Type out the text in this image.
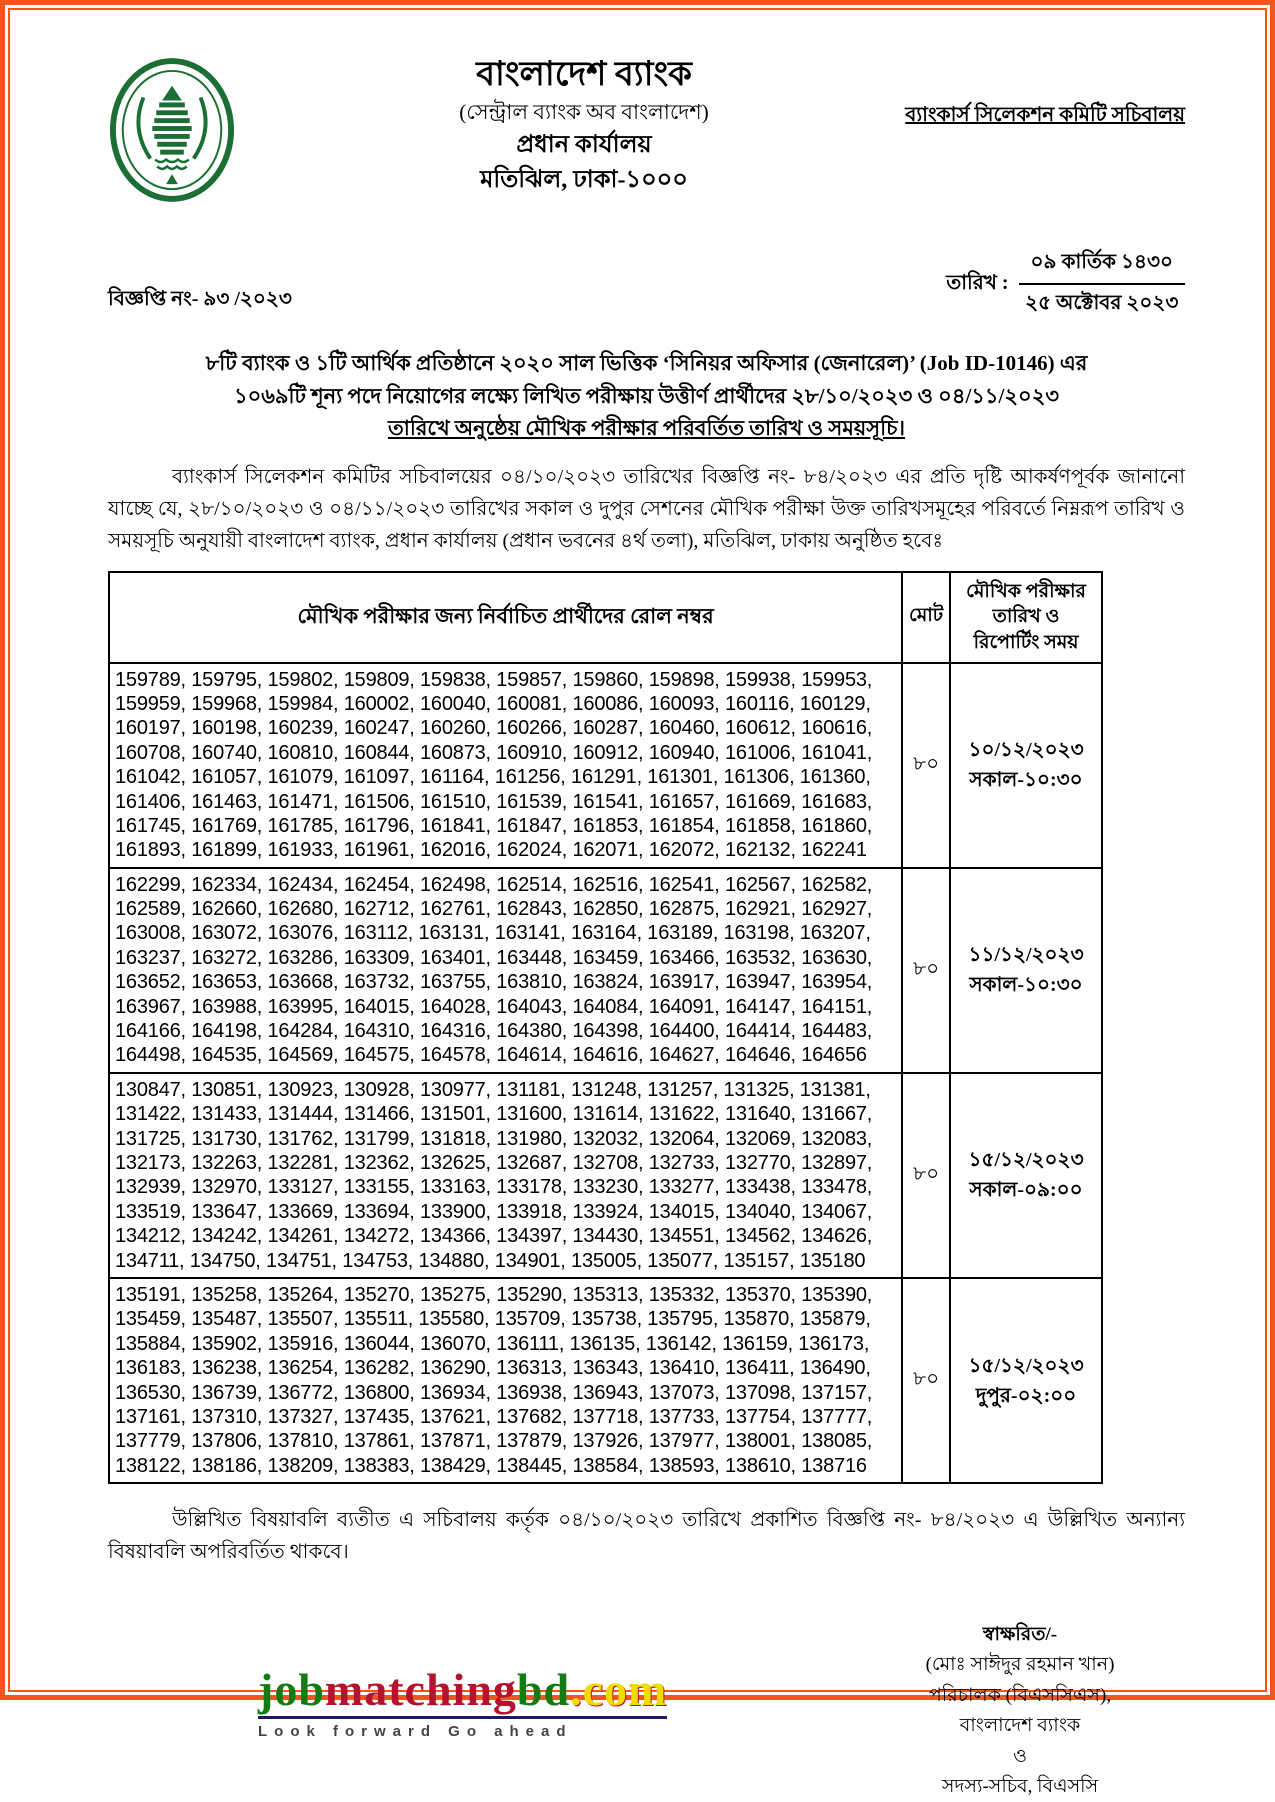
বাংলাদেশ ব্যাংক
(সেন্ট্রাল ব্যাংক অব বাংলাদেশ)
প্রধান কার্যালয়
মতিঝিল, ঢাকা-১০০০
ব্যাংকার্স সিলেকশন কমিটি সচিবালয়
বিজ্ঞপ্তি নং- ৯৩ /২০২৩
তারিখ : $\frac{\text{০৯ কার্তিক ১৪৩০}}{\text{২৫ অক্টোবর ২০২৩}}$
৮টি ব্যাংক ও ১টি আর্থিক প্রতিষ্ঠানে ২০২০ সাল ভিত্তিক ‘সিনিয়র অফিসার (জেনারেল)’ (Job ID-10146) এর
১০৬৯টি শূন্য পদে নিয়োগের লক্ষ্যে লিখিত পরীক্ষায় উত্তীর্ণ প্রার্থীদের ২৮/১০/২০২৩ ও ০৪/১১/২০২৩
তারিখে অনুষ্ঠেয় মৌখিক পরীক্ষার পরিবর্তিত তারিখ ও সময়সূচি।

ব্যাংকার্স সিলেকশন কমিটির সচিবালয়ের ০৪/১০/২০২৩ তারিখের বিজ্ঞপ্তি নং- ৮৪/২০২৩ এর প্রতি দৃষ্টি আকর্ষণপূর্বক জানানো যাচ্ছে যে, ২৮/১০/২০২৩ ও ০৪/১১/২০২৩ তারিখের সকাল ও দুপুর সেশনের মৌখিক পরীক্ষা উক্ত তারিখসমূহের পরিবর্তে নিম্নরূপ তারিখ ও সময়সূচি অনুযায়ী বাংলাদেশ ব্যাংক, প্রধান কার্যালয় (প্রধান ভবনের ৪র্থ তলা), মতিঝিল, ঢাকায় অনুষ্ঠিত হবেঃ

মৌখিক পরীক্ষার জন্য নির্বাচিত প্রার্থীদের রোল নম্বর	মোট	মৌখিক পরীক্ষার তারিখ ও রিপোর্টিং সময়
159789, 159795, 159802, 159809, 159838, 159857, 159860, 159898, 159938, 159953, 159959, 159968, 159984, 160002, 160040, 160081, 160086, 160093, 160116, 160129, 160197, 160198, 160239, 160247, 160260, 160266, 160287, 160460, 160612, 160616, 160708, 160740, 160810, 160844, 160873, 160910, 160912, 160940, 161006, 161041, 161042, 161057, 161079, 161097, 161164, 161256, 161291, 161301, 161306, 161360, 161406, 161463, 161471, 161506, 161510, 161539, 161541, 161657, 161669, 161683, 161745, 161769, 161785, 161796, 161841, 161847, 161853, 161854, 161858, 161860, 161893, 161899, 161933, 161961, 162016, 162024, 162071, 162072, 162132, 162241	৮০	১০/১২/২০২৩
সকাল-১০:৩০

162299, 162334, 162434, 162454, 162498, 162514, 162516, 162541, 162567, 162582, 162589, 162660, 162680, 162712, 162761, 162843, 162850, 162875, 162921, 162927, 163008, 163072, 163076, 163112, 163131, 163141, 163164, 163189, 163198, 163207, 163237, 163272, 163286, 163309, 163401, 163448, 163459, 163466, 163532, 163630, 163652, 163653, 163668, 163732, 163755, 163810, 163824, 163917, 163947, 163954, 163967, 163988, 163995, 164015, 164028, 164043, 164084, 164091, 164147, 164151, 164166, 164198, 164284, 164310, 164316, 164380, 164398, 164400, 164414, 164483, 164498, 164535, 164569, 164575, 164578, 164614, 164616, 164627, 164646, 164656	৮০	১১/১২/২০২৩
সকাল-১০:৩০

130847, 130851, 130923, 130928, 130977, 131181, 131248, 131257, 131325, 131381, 131422, 131433, 131444, 131466, 131501, 131600, 131614, 131622, 131640, 131667, 131725, 131730, 131762, 131799, 131818, 131980, 132032, 132064, 132069, 132083, 132173, 132263, 132281, 132362, 132625, 132687, 132708, 132733, 132770, 132897, 132939, 132970, 133127, 133155, 133163, 133178, 133230, 133277, 133438, 133478, 133519, 133647, 133669, 133694, 133900, 133918, 133924, 134015, 134040, 134067, 134212, 134242, 134261, 134272, 134366, 134397, 134430, 134551, 134562, 134626, 134711, 134750, 134751, 134753, 134880, 134901, 135005, 135077, 135157, 135180	৮০	১৫/১২/২০২৩
সকাল-০৯:০০

135191, 135258, 135264, 135270, 135275, 135290, 135313, 135332, 135370, 135390, 135459, 135487, 135507, 135511, 135580, 135709, 135738, 135795, 135870, 135879, 135884, 135902, 135916, 136044, 136070, 136111, 136135, 136142, 136159, 136173, 136183, 136238, 136254, 136282, 136290, 136313, 136343, 136410, 136411, 136490, 136530, 136739, 136772, 136800, 136934, 136938, 136943, 137073, 137098, 137157, 137161, 137310, 137327, 137435, 137621, 137682, 137718, 137733, 137754, 137777, 137779, 137806, 137810, 137861, 137871, 137879, 137926, 137977, 138001, 138085, 138122, 138186, 138209, 138383, 138429, 138445, 138584, 138593, 138610, 138716	৮০	১৫/১২/২০২৩
দুপুর-০২:০০

উল্লিখিত বিষয়াবলি ব্যতীত এ সচিবালয় কর্তৃক ০৪/১০/২০২৩ তারিখে প্রকাশিত বিজ্ঞপ্তি নং- ৮৪/২০২৩ এ উল্লিখিত অন্যান্য বিষয়াবলি অপরিবর্তিত থাকবে।

jobmatchingbd.com
Look forward Go ahead
স্বাক্ষরিত/-
(মোঃ সাঈদুর রহমান খান)
পরিচালক (বিএসসিএস),
বাংলাদেশ ব্যাংক
ও
সদস্য-সচিব, বিএসসি
